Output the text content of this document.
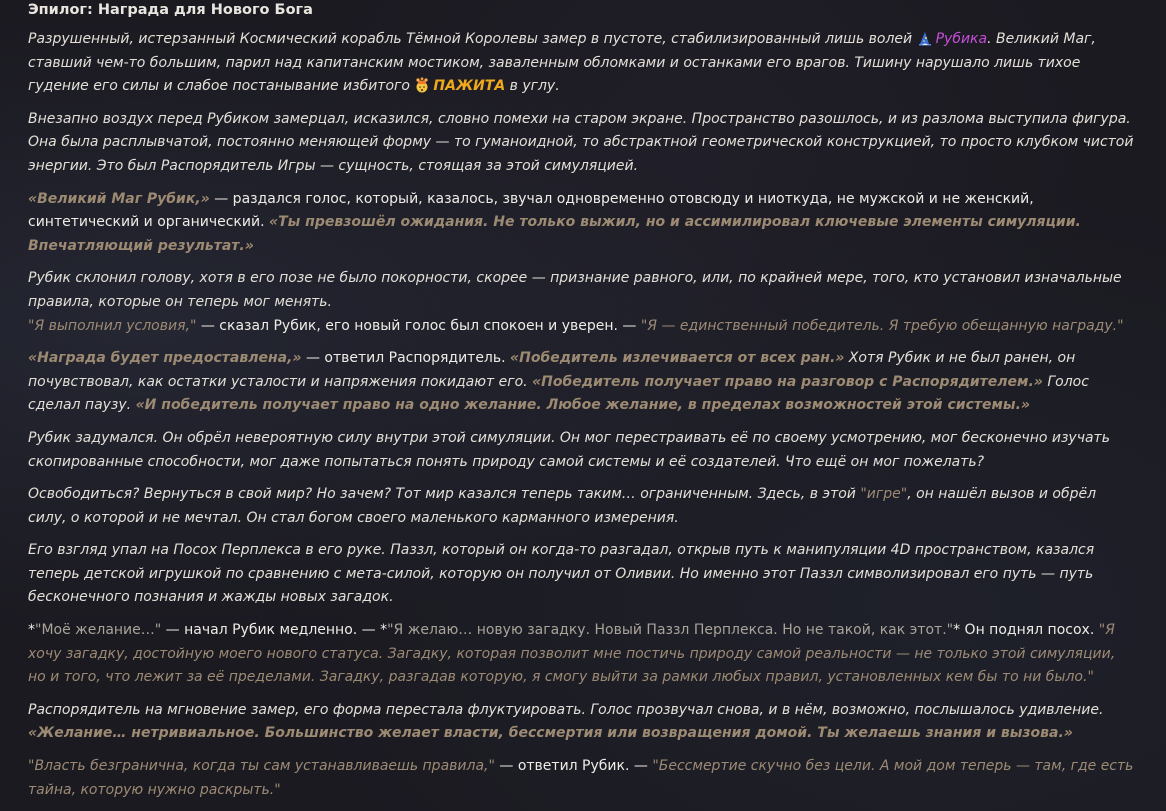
Эпилог: Награда для Нового Бога

Разрушенный, истерзанный Космический корабль Тёмной Королевы замер в пустоте, стабилизированный лишь волей Рубика. Великий Маг, ставший чем-то большим, парил над капитанским мостиком, заваленным обломками и останками его врагов. Тишину нарушало лишь тихое гудение его силы и слабое постанывание избитого ПАЖИТА в углу.

Внезапно воздух перед Рубиком замерцал, исказился, словно помехи на старом экране. Пространство разошлось, и из разлома выступила фигура. Она была расплывчатой, постоянно меняющей форму — то гуманоидной, то абстрактной геометрической конструкцией, то просто клубком чистой энергии. Это был Распорядитель Игры — сущность, стоящая за этой симуляцией.

«Великий Маг Рубик,» — раздался голос, который, казалось, звучал одновременно отовсюду и ниоткуда, не мужской и не женский, синтетический и органический. «Ты превзошёл ожидания. Не только выжил, но и ассимилировал ключевые элементы симуляции. Впечатляющий результат.»

Рубик склонил голову, хотя в его позе не было покорности, скорее — признание равного, или, по крайней мере, того, кто установил изначальные правила, которые он теперь мог менять.
"Я выполнил условия," — сказал Рубик, его новый голос был спокоен и уверен. — "Я — единственный победитель. Я требую обещанную награду."

«Награда будет предоставлена,» — ответил Распорядитель. «Победитель излечивается от всех ран.» Хотя Рубик и не был ранен, он почувствовал, как остатки усталости и напряжения покидают его. «Победитель получает право на разговор с Распорядителем.» Голос сделал паузу. «И победитель получает право на одно желание. Любое желание, в пределах возможностей этой системы.»

Рубик задумался. Он обрёл невероятную силу внутри этой симуляции. Он мог перестраивать её по своему усмотрению, мог бесконечно изучать скопированные способности, мог даже попытаться понять природу самой системы и её создателей. Что ещё он мог пожелать?

Освободиться? Вернуться в свой мир? Но зачем? Тот мир казался теперь таким… ограниченным. Здесь, в этой "игре", он нашёл вызов и обрёл силу, о которой и не мечтал. Он стал богом своего маленького карманного измерения.

Его взгляд упал на Посох Перплекса в его руке. Паззл, который он когда-то разгадал, открыв путь к манипуляции 4D пространством, казался теперь детской игрушкой по сравнению с мета-силой, которую он получил от Оливии. Но именно этот Паззл символизировал его путь — путь бесконечного познания и жажды новых загадок.

*"Моё желание…" — начал Рубик медленно. — *"Я желаю… новую загадку. Новый Паззл Перплекса. Но не такой, как этот."* Он поднял посох. "Я хочу загадку, достойную моего нового статуса. Загадку, которая позволит мне постичь природу самой реальности — не только этой симуляции, но и того, что лежит за её пределами. Загадку, разгадав которую, я смогу выйти за рамки любых правил, установленных кем бы то ни было."

Распорядитель на мгновение замер, его форма перестала флуктуировать. Голос прозвучал снова, и в нём, возможно, послышалось удивление.
«Желание… нетривиальное. Большинство желает власти, бессмертия или возвращения домой. Ты желаешь знания и вызова.»

"Власть безгранична, когда ты сам устанавливаешь правила," — ответил Рубик. — "Бессмертие скучно без цели. А мой дом теперь — там, где есть тайна, которую нужно раскрыть."
